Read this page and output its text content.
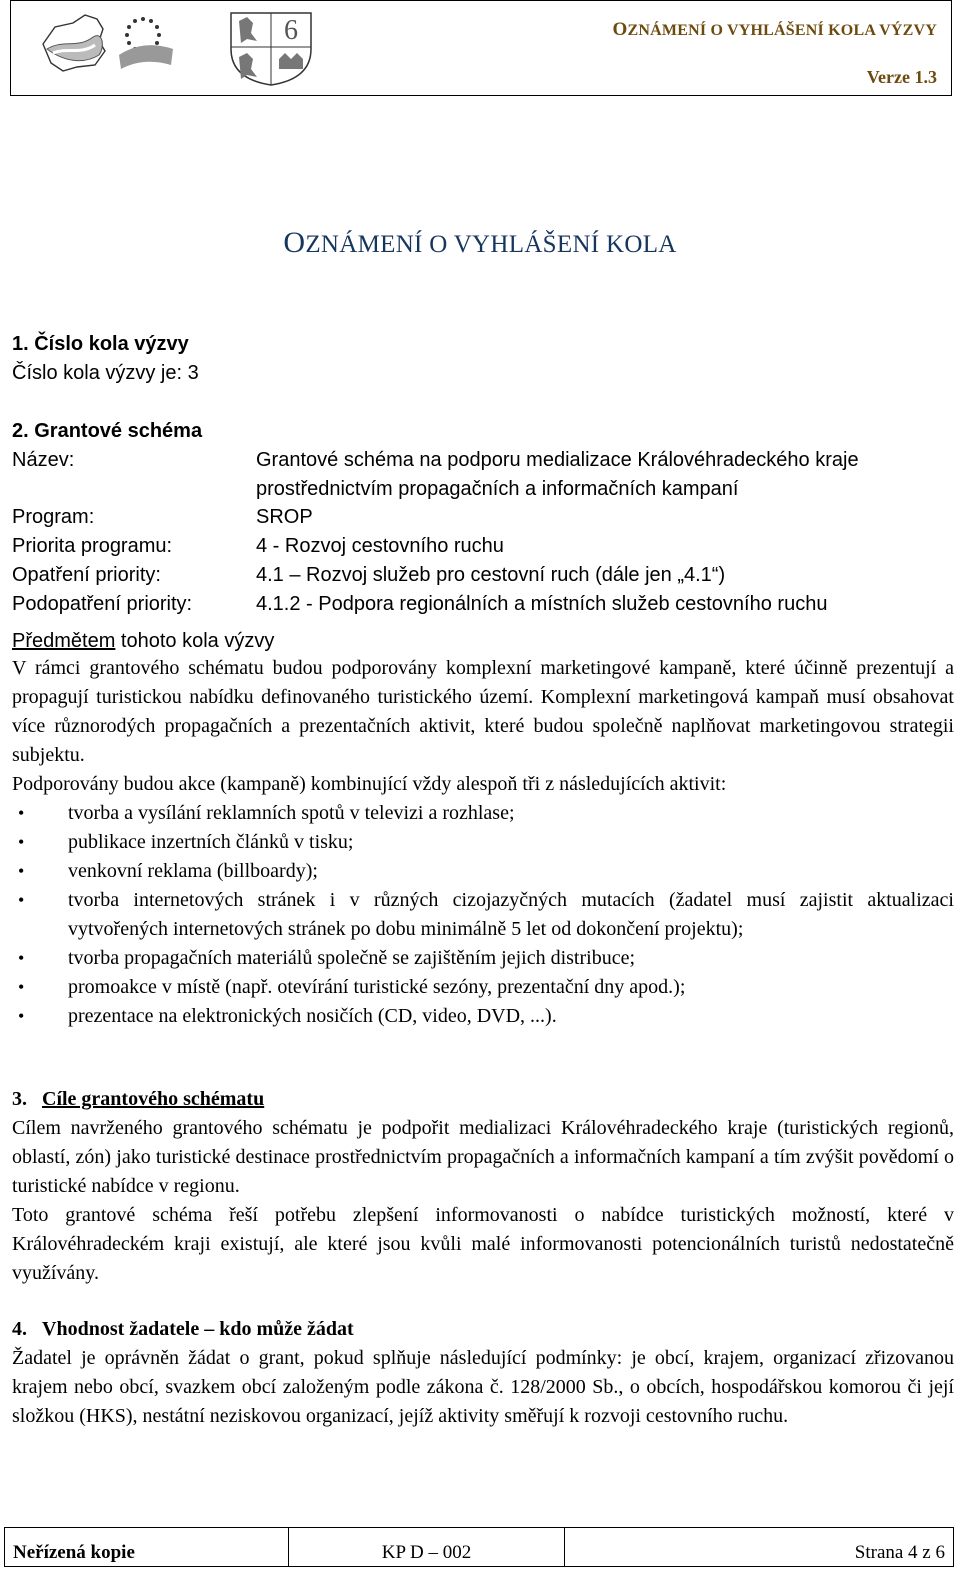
6	OZNÁMENÍ O VYHLÁŠENÍ KOLA VÝZVY
Verze 1.3
OZNÁMENÍ O VYHLÁŠENÍ KOLA
1. Číslo kola výzvy
Číslo kola výzvy je: 3
2. Grantové schéma
Název:	Grantové schéma na podporu medializace Královéhradeckého kraje
prostřednictvím propagačních a informačních kampaní
Program:	SROP
Priorita programu:	4 - Rozvoj cestovního ruchu
Opatření priority:	4.1 – Rozvoj služeb pro cestovní ruch (dále jen „4.1“)
Podopatření priority:	4.1.2 - Podpora regionálních a místních služeb cestovního ruchu
Předmětem tohoto kola výzvy
V rámci grantového schématu budou podporovány komplexní marketingové kampaně, které účinně prezentují a propagují turistickou nabídku definovaného turistického území. Komplexní marketingová kampaň musí obsahovat více různorodých propagačních a prezentačních aktivit, které budou společně naplňovat marketingovou strategii subjektu.
Podporovány budou akce (kampaně) kombinující vždy alespoň tři z následujících aktivit:
• tvorba a vysílání reklamních spotů v televizi a rozhlase;
• publikace inzertních článků v tisku;
• venkovní reklama (billboardy);
• tvorba internetových stránek i v různých cizojazyčných mutacích (žadatel musí zajistit aktualizaci vytvořených internetových stránek po dobu minimálně 5 let od dokončení projektu);
• tvorba propagačních materiálů společně se zajištěním jejich distribuce;
• promoakce v místě (např. otevírání turistické sezóny, prezentační dny apod.);
• prezentace na elektronických nosičích (CD, video, DVD, ...).
3. Cíle grantového schématu
Cílem navrženého grantového schématu je podpořit medializaci Královéhradeckého kraje (turistických regionů, oblastí, zón) jako turistické destinace prostřednictvím propagačních a informačních kampaní a tím zvýšit povědomí o turistické nabídce v regionu.
Toto grantové schéma řeší potřebu zlepšení informovanosti o nabídce turistických možností, které v Královéhradeckém kraji existují, ale které jsou kvůli malé informovanosti potencionálních turistů nedostatečně využívány.
4. Vhodnost žadatele – kdo může žádat
Žadatel je oprávněn žádat o grant, pokud splňuje následující podmínky: je obcí, krajem, organizací zřizovanou krajem nebo obcí, svazkem obcí založeným podle zákona č. 128/2000 Sb., o obcích, hospodářskou komorou či její složkou (HKS), nestátní neziskovou organizací, jejíž aktivity směřují k rozvoji cestovního ruchu.
Neřízená kopie	KP D – 002	Strana 4 z 6
